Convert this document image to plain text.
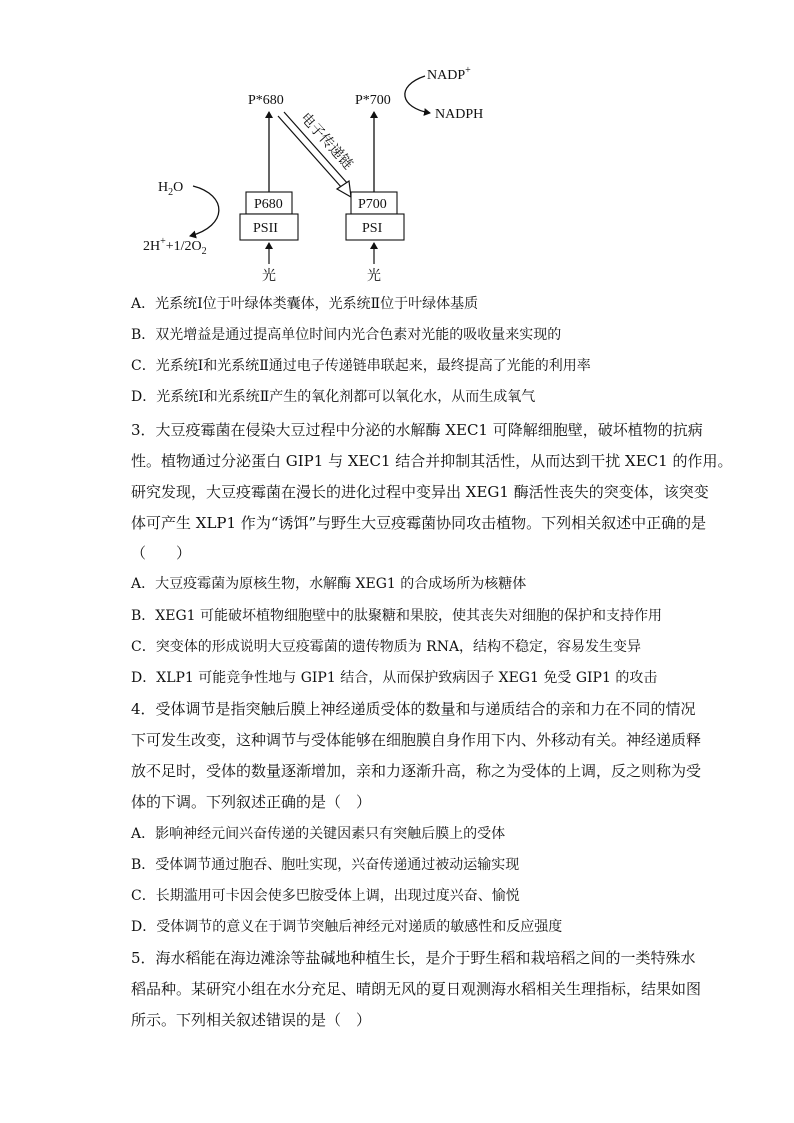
P*680	P*700
NADP+
NADPH
电子传递链
P680
PSII
P700
PSI
光	光
$H_2O$
$2H^++1/2O_2$
A．光系统Ⅰ位于叶绿体类囊体，光系统Ⅱ位于叶绿体基质
B．双光增益是通过提高单位时间内光合色素对光能的吸收量来实现的
C．光系统Ⅰ和光系统Ⅱ通过电子传递链串联起来，最终提高了光能的利用率
D．光系统Ⅰ和光系统Ⅱ产生的氧化剂都可以氧化水，从而生成氧气
3．大豆疫霉菌在侵染大豆过程中分泌的水解酶 XEC1 可降解细胞壁，破坏植物的抗病
性。植物通过分泌蛋白 GIP1 与 XEC1 结合并抑制其活性，从而达到干扰 XEC1 的作用。
研究发现，大豆疫霉菌在漫长的进化过程中变异出 XEG1 酶活性丧失的突变体，该突变
体可产生 XLP1 作为“诱饵”与野生大豆疫霉菌协同攻击植物。下列相关叙述中正确的是
（　　）
A．大豆疫霉菌为原核生物，水解酶 XEG1 的合成场所为核糖体
B．XEG1 可能破坏植物细胞壁中的肽聚糖和果胶，使其丧失对细胞的保护和支持作用
C．突变体的形成说明大豆疫霉菌的遗传物质为 RNA，结构不稳定，容易发生变异
D．XLP1 可能竞争性地与 GIP1 结合，从而保护致病因子 XEG1 免受 GIP1 的攻击
4．受体调节是指突触后膜上神经递质受体的数量和与递质结合的亲和力在不同的情况
下可发生改变，这种调节与受体能够在细胞膜自身作用下内、外移动有关。神经递质释
放不足时，受体的数量逐渐增加，亲和力逐渐升高，称之为受体的上调，反之则称为受
体的下调。下列叙述正确的是（　）
A．影响神经元间兴奋传递的关键因素只有突触后膜上的受体
B．受体调节通过胞吞、胞吐实现，兴奋传递通过被动运输实现
C．长期滥用可卡因会使多巴胺受体上调，出现过度兴奋、愉悦
D．受体调节的意义在于调节突触后神经元对递质的敏感性和反应强度
5．海水稻能在海边滩涂等盐碱地种植生长，是介于野生稻和栽培稻之间的一类特殊水
稻品种。某研究小组在水分充足、晴朗无风的夏日观测海水稻相关生理指标，结果如图
所示。下列相关叙述错误的是（　）
